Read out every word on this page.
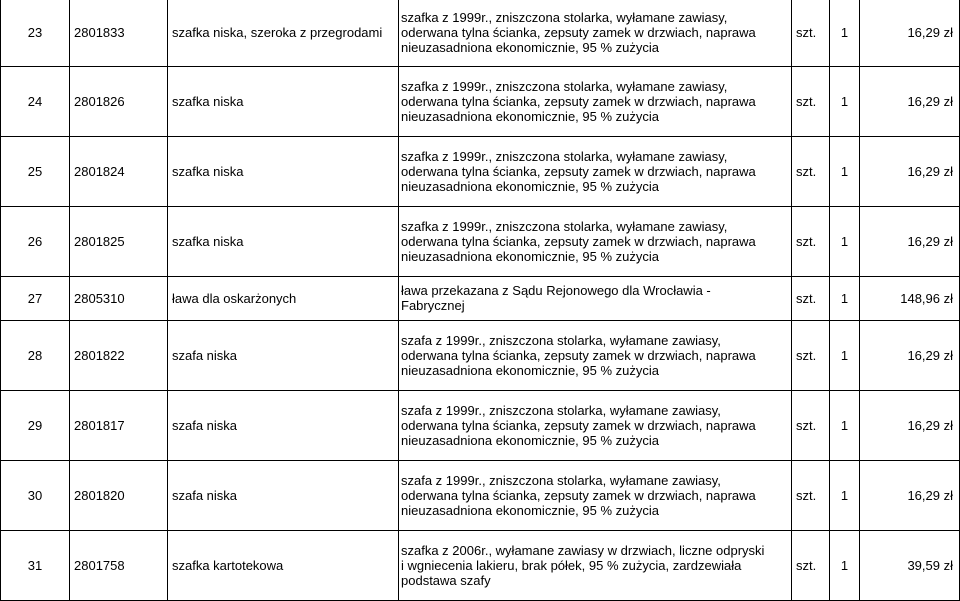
23	2801833	szafka niska, szeroka z przegrodami	szafka z 1999r., zniszczona stolarka, wyłamane zawiasy,
oderwana tylna ścianka, zepsuty zamek w drzwiach, naprawa
nieuzasadniona ekonomicznie, 95 % zużycia	szt.	1	16,29 zł
24	2801826	szafka niska	szafka z 1999r., zniszczona stolarka, wyłamane zawiasy,
oderwana tylna ścianka, zepsuty zamek w drzwiach, naprawa
nieuzasadniona ekonomicznie, 95 % zużycia	szt.	1	16,29 zł
25	2801824	szafka niska	szafka z 1999r., zniszczona stolarka, wyłamane zawiasy,
oderwana tylna ścianka, zepsuty zamek w drzwiach, naprawa
nieuzasadniona ekonomicznie, 95 % zużycia	szt.	1	16,29 zł
26	2801825	szafka niska	szafka z 1999r., zniszczona stolarka, wyłamane zawiasy,
oderwana tylna ścianka, zepsuty zamek w drzwiach, naprawa
nieuzasadniona ekonomicznie, 95 % zużycia	szt.	1	16,29 zł
27	2805310	ława dla oskarżonych	ława przekazana z Sądu Rejonowego dla Wrocławia -
Fabrycznej	szt.	1	148,96 zł
28	2801822	szafa niska	szafa z 1999r., zniszczona stolarka, wyłamane zawiasy,
oderwana tylna ścianka, zepsuty zamek w drzwiach, naprawa
nieuzasadniona ekonomicznie, 95 % zużycia	szt.	1	16,29 zł
29	2801817	szafa niska	szafa z 1999r., zniszczona stolarka, wyłamane zawiasy,
oderwana tylna ścianka, zepsuty zamek w drzwiach, naprawa
nieuzasadniona ekonomicznie, 95 % zużycia	szt.	1	16,29 zł
30	2801820	szafa niska	szafa z 1999r., zniszczona stolarka, wyłamane zawiasy,
oderwana tylna ścianka, zepsuty zamek w drzwiach, naprawa
nieuzasadniona ekonomicznie, 95 % zużycia	szt.	1	16,29 zł
31	2801758	szafka kartotekowa	szafka z 2006r., wyłamane zawiasy w drzwiach, liczne odpryski
i wgniecenia lakieru, brak półek, 95 % zużycia, zardzewiała
podstawa szafy	szt.	1	39,59 zł
